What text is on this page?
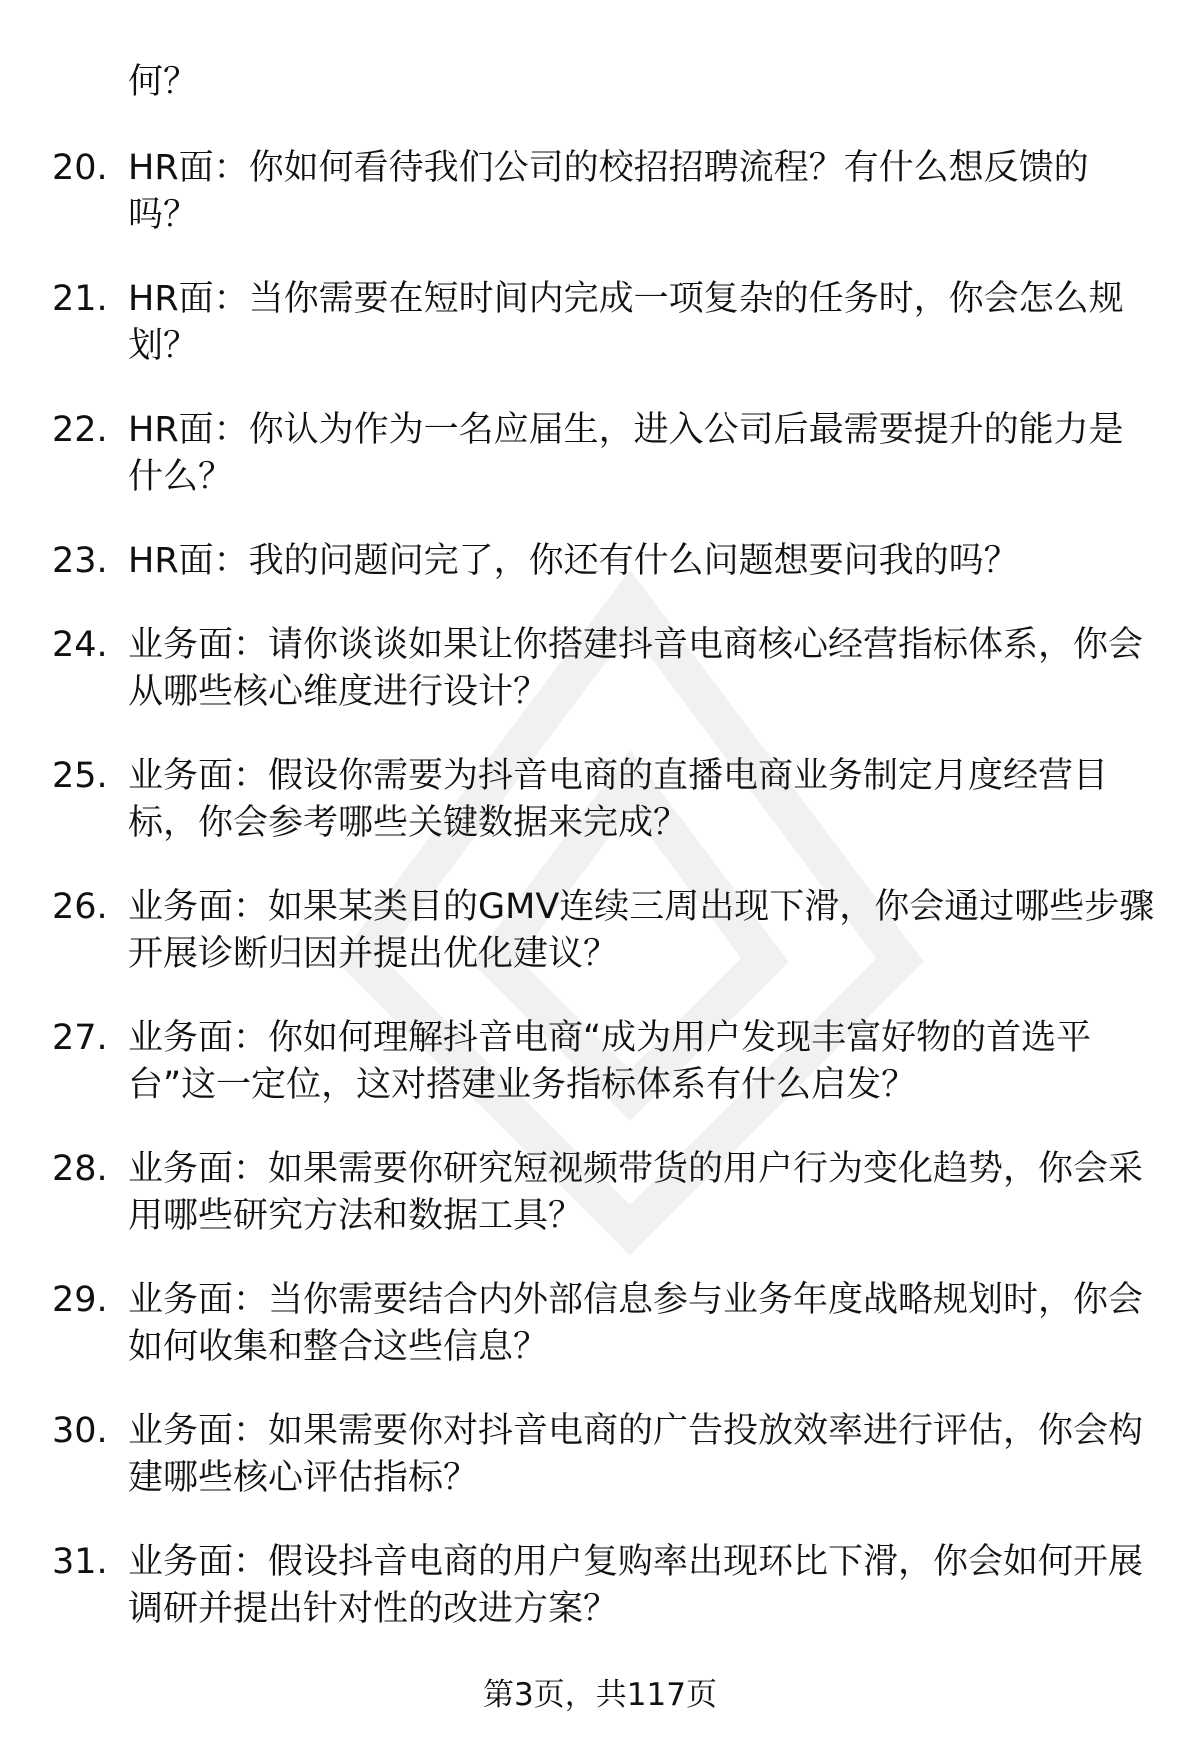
何？
20. HR面：你如何看待我们公司的校招招聘流程？有什么想反馈的吗？
21. HR面：当你需要在短时间内完成一项复杂的任务时，你会怎么规划？
22. HR面：你认为作为一名应届生，进入公司后最需要提升的能力是什么？
23. HR面：我的问题问完了，你还有什么问题想要问我的吗？
24. 业务面：请你谈谈如果让你搭建抖音电商核心经营指标体系，你会从哪些核心维度进行设计？
25. 业务面：假设你需要为抖音电商的直播电商业务制定月度经营目标，你会参考哪些关键数据来完成？
26. 业务面：如果某类目的GMV连续三周出现下滑，你会通过哪些步骤开展诊断归因并提出优化建议？
27. 业务面：你如何理解抖音电商“成为用户发现丰富好物的首选平台”这一定位，这对搭建业务指标体系有什么启发？
28. 业务面：如果需要你研究短视频带货的用户行为变化趋势，你会采用哪些研究方法和数据工具？
29. 业务面：当你需要结合内外部信息参与业务年度战略规划时，你会如何收集和整合这些信息？
30. 业务面：如果需要你对抖音电商的广告投放效率进行评估，你会构建哪些核心评估指标？
31. 业务面：假设抖音电商的用户复购率出现环比下滑，你会如何开展调研并提出针对性的改进方案？
第3页，共117页
